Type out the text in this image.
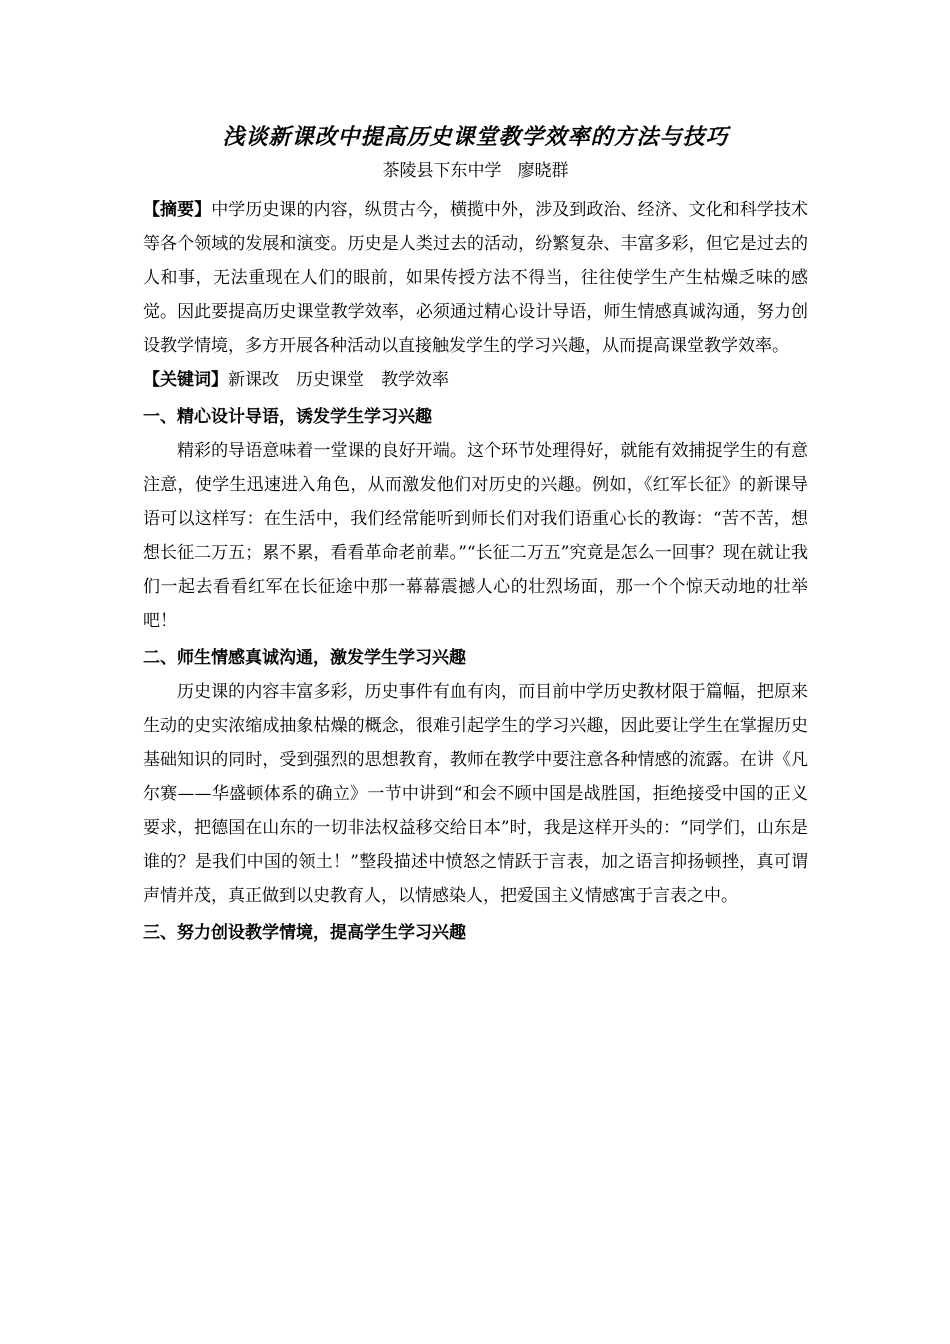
浅谈新课改中提高历史课堂教学效率的方法与技巧
茶陵县下东中学 廖晓群

【摘要】中学历史课的内容，纵贯古今，横揽中外，涉及到政治、经济、文化和科学技术等各个领域的发展和演变。历史是人类过去的活动，纷繁复杂、丰富多彩，但它是过去的人和事，无法重现在人们的眼前，如果传授方法不得当，往往使学生产生枯燥乏味的感觉。因此要提高历史课堂教学效率，必须通过精心设计导语，师生情感真诚沟通，努力创设教学情境，多方开展各种活动以直接触发学生的学习兴趣，从而提高课堂教学效率。

【关键词】新课改 历史课堂 教学效率

一、精心设计导语，诱发学生学习兴趣

精彩的导语意味着一堂课的良好开端。这个环节处理得好，就能有效捕捉学生的有意注意，使学生迅速进入角色，从而激发他们对历史的兴趣。例如，《红军长征》的新课导语可以这样写：在生活中，我们经常能听到师长们对我们语重心长的教诲：“苦不苦，想想长征二万五；累不累，看看革命老前辈。”“长征二万五”究竟是怎么一回事？现在就让我们一起去看看红军在长征途中那一幕幕震撼人心的壮烈场面，那一个个惊天动地的壮举吧！

二、师生情感真诚沟通，激发学生学习兴趣

历史课的内容丰富多彩，历史事件有血有肉，而目前中学历史教材限于篇幅，把原来生动的史实浓缩成抽象枯燥的概念，很难引起学生的学习兴趣，因此要让学生在掌握历史基础知识的同时，受到强烈的思想教育，教师在教学中要注意各种情感的流露。在讲《凡尔赛——华盛顿体系的确立》一节中讲到“和会不顾中国是战胜国，拒绝接受中国的正义要求，把德国在山东的一切非法权益移交给日本”时，我是这样开头的：“同学们，山东是谁的？是我们中国的领土！”整段描述中愤怒之情跃于言表，加之语言抑扬顿挫，真可谓声情并茂，真正做到以史教育人，以情感染人，把爱国主义情感寓于言表之中。

三、努力创设教学情境，提高学生学习兴趣
